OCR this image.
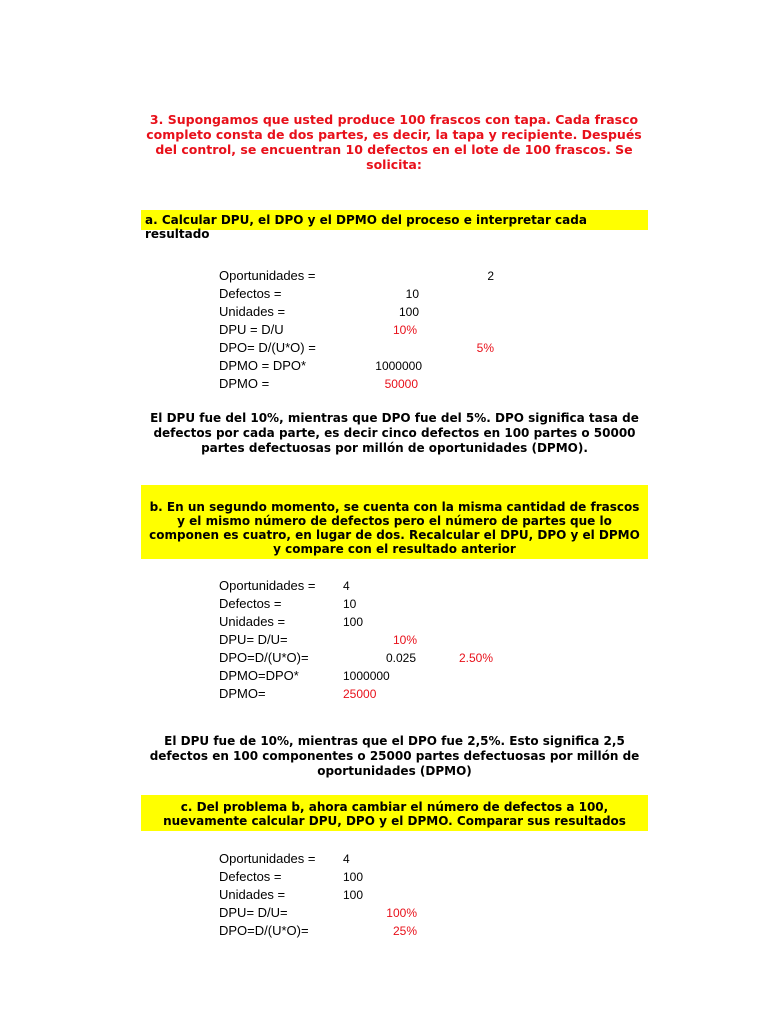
3. Supongamos que usted produce 100 frascos con tapa. Cada frasco completo consta de dos partes, es decir, la tapa y recipiente. Después del control, se encuentran 10 defectos en el lote de 100 frascos. Se solicita:
a. Calcular DPU, el DPO y el DPMO del proceso e interpretar cada resultado
Oportunidades =
Defectos =
Unidades =
DPU = D/U
DPO= D/(U*O) =
DPMO = DPO*
DPMO =
2
10
100
10%
5%
1000000
50000
El DPU fue del 10%, mientras que DPO fue del 5%. DPO significa tasa de defectos por cada parte, es decir cinco defectos en 100 partes o 50000 partes defectuosas por millón de oportunidades (DPMO).
b. En un segundo momento, se cuenta con la misma cantidad de frascos y el mismo número de defectos pero el número de partes que lo componen es cuatro, en lugar de dos. Recalcular el DPU, DPO y el DPMO y compare con el resultado anterior
Oportunidades =
Defectos =
Unidades =
DPU= D/U=
DPO=D/(U*O)=
DPMO=DPO*
DPMO=
4
10
100
10%
0.025	2.50%
1000000
25000
El DPU fue de 10%, mientras que el DPO fue 2,5%. Esto significa 2,5 defectos en 100 componentes o 25000 partes defectuosas por millón de oportunidades (DPMO)
c. Del problema b, ahora cambiar el número de defectos a 100, nuevamente calcular DPU, DPO y el DPMO. Comparar sus resultados
Oportunidades =
Defectos =
Unidades =
DPU= D/U=
DPO=D/(U*O)=
4
100
100
100%
25%
